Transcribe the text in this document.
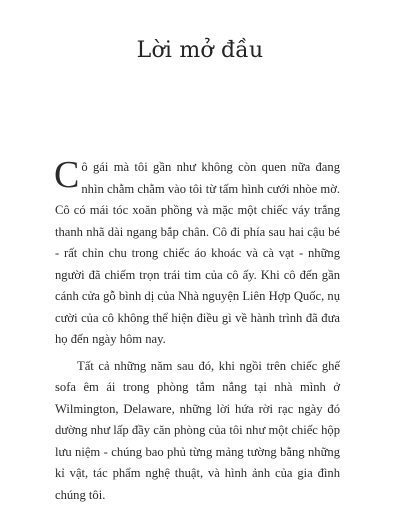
Lời mở đầu

Cô gái mà tôi gần như không còn quen nữa đang nhìn chằm chằm vào tôi từ tấm hình cưới nhòe mờ. Cô có mái tóc xoăn phồng và mặc một chiếc váy trắng thanh nhã dài ngang bắp chân. Cô đi phía sau hai cậu bé - rất chỉn chu trong chiếc áo khoác và cà vạt - những người đã chiếm trọn trái tim của cô ấy. Khi cô đến gần cánh cửa gỗ bình dị của Nhà nguyện Liên Hợp Quốc, nụ cười của cô không thể hiện điều gì về hành trình đã đưa họ đến ngày hôm nay.

Tất cả những năm sau đó, khi ngồi trên chiếc ghế sofa êm ái trong phòng tắm nắng tại nhà mình ở Wilmington, Delaware, những lời hứa rời rạc ngày đó dường như lấp đầy căn phòng của tôi như một chiếc hộp lưu niệm - chúng bao phủ từng mảng tường bằng những kỉ vật, tác phẩm nghệ thuật, và hình ảnh của gia đình chúng tôi.
